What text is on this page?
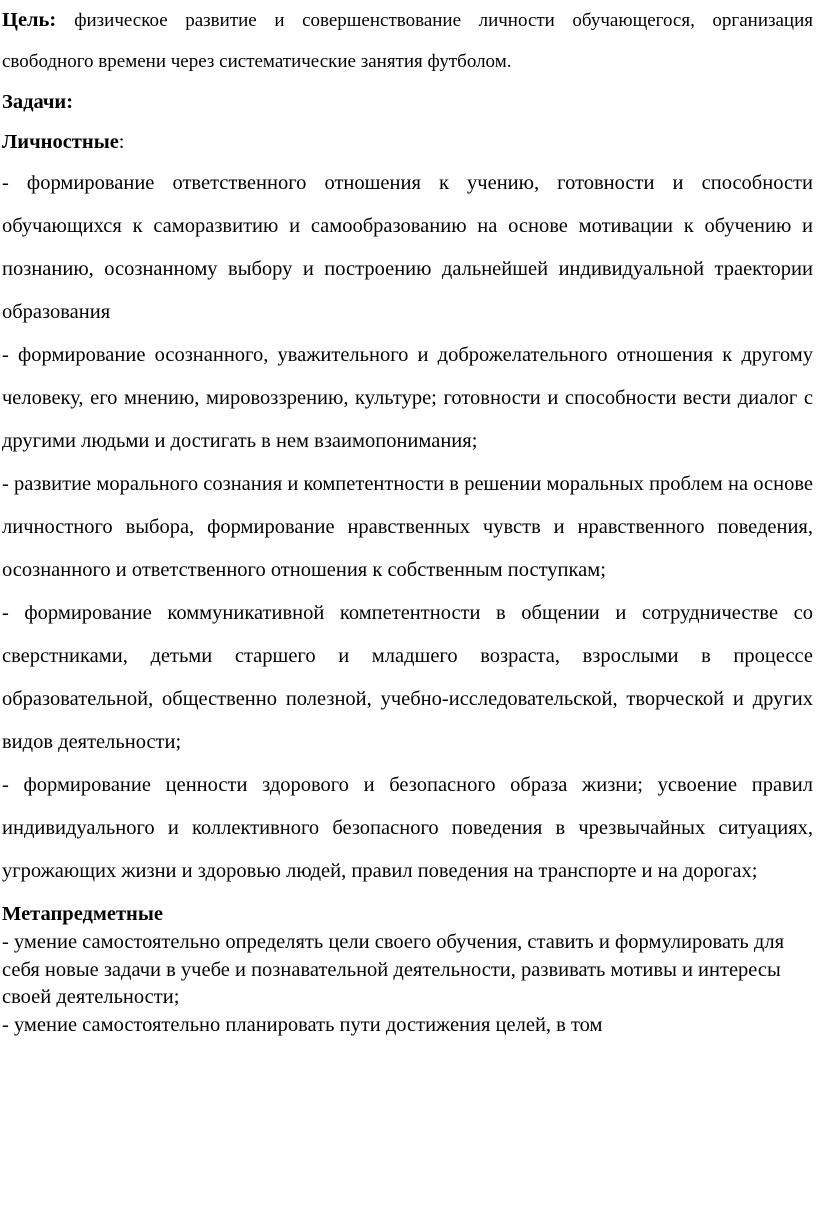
Цель: физическое развитие и совершенствование личности обучающегося, организация свободного времени через систематические занятия футболом.

Задачи:

Личностные:

- формирование ответственного отношения к учению, готовности и способности обучающихся к саморазвитию и самообразованию на основе мотивации к обучению и познанию, осознанному выбору и построению дальнейшей индивидуальной траектории образования

- формирование осознанного, уважительного и доброжелательного отношения к другому человеку, его мнению, мировоззрению, культуре; готовности и способности вести диалог с другими людьми и достигать в нем взаимопонимания;

- развитие морального сознания и компетентности в решении моральных проблем на основе личностного выбора, формирование нравственных чувств и нравственного поведения, осознанного и ответственного отношения к собственным поступкам;

- формирование коммуникативной компетентности в общении и сотрудничестве со сверстниками, детьми старшего и младшего возраста, взрослыми в процессе образовательной, общественно полезной, учебно-исследовательской, творческой и других видов деятельности;

- формирование ценности здорового и безопасного образа жизни; усвоение правил индивидуального и коллективного безопасного поведения в чрезвычайных ситуациях, угрожающих жизни и здоровью людей, правил поведения на транспорте и на дорогах;

Метапредметные

- умение самостоятельно определять цели своего обучения, ставить и формулировать для себя новые задачи в учебе и познавательной деятельности, развивать мотивы и интересы своей деятельности;

- умение самостоятельно планировать пути достижения целей, в том
